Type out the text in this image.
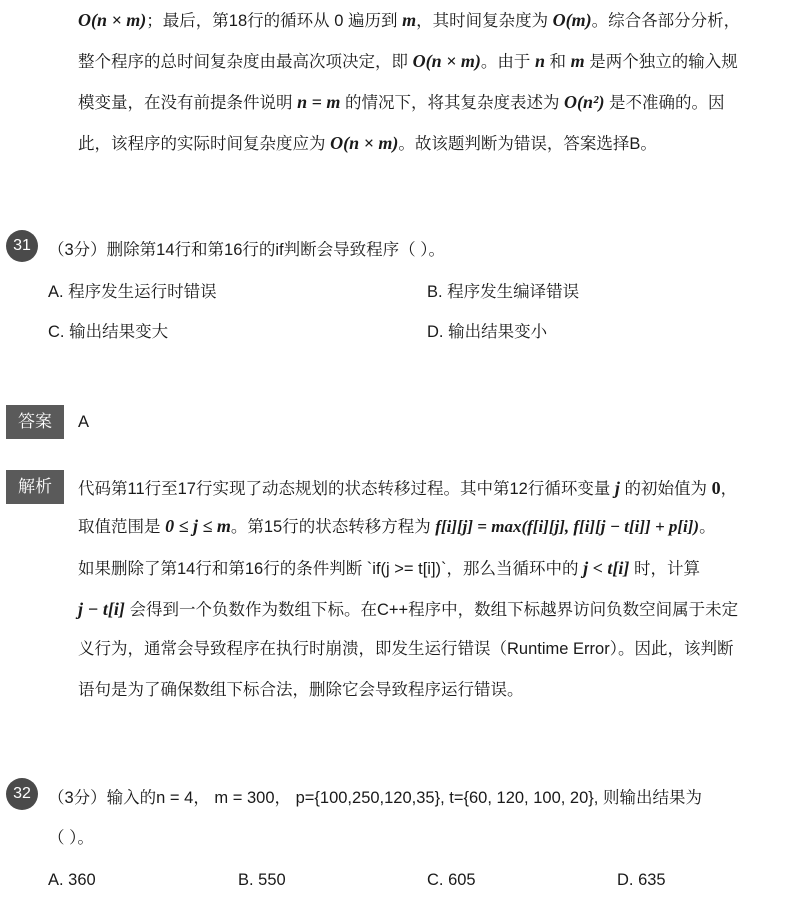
O(n × m)；最后，第18行的循环从 0 遍历到 m，其时间复杂度为 O(m)。综合各部分分析，
整个程序的总时间复杂度由最高次项决定，即 O(n × m)。由于 n 和 m 是两个独立的输入规
模变量，在没有前提条件说明 n = m 的情况下，将其复杂度表述为 O(n²) 是不准确的。因
此，该程序的实际时间复杂度应为 O(n × m)。故该题判断为错误，答案选择B。
31	（3分）删除第14行和第16行的if判断会导致程序（ ）。
A. 程序发生运行时错误	B. 程序发生编译错误
C. 输出结果变大	D. 输出结果变小
答案	A
解析	代码第11行至17行实现了动态规划的状态转移过程。其中第12行循环变量 j 的初始值为 0，
取值范围是 0 ≤ j ≤ m。第15行的状态转移方程为 f[i][j] = max(f[i][j], f[i][j − t[i]] + p[i])。
如果删除了第14行和第16行的条件判断 `if(j >= t[i])`，那么当循环中的 j < t[i] 时，计算
j − t[i] 会得到一个负数作为数组下标。在C++程序中，数组下标越界访问负数空间属于未定
义行为，通常会导致程序在执行时崩溃，即发生运行错误（Runtime Error）。因此，该判断
语句是为了确保数组下标合法，删除它会导致程序运行错误。
32	（3分）输入的n = 4， m = 300， p={100,250,120,35}, t={60, 120, 100, 20}, 则输出结果为
（ ）。
A. 360	B. 550	C. 605	D. 635
